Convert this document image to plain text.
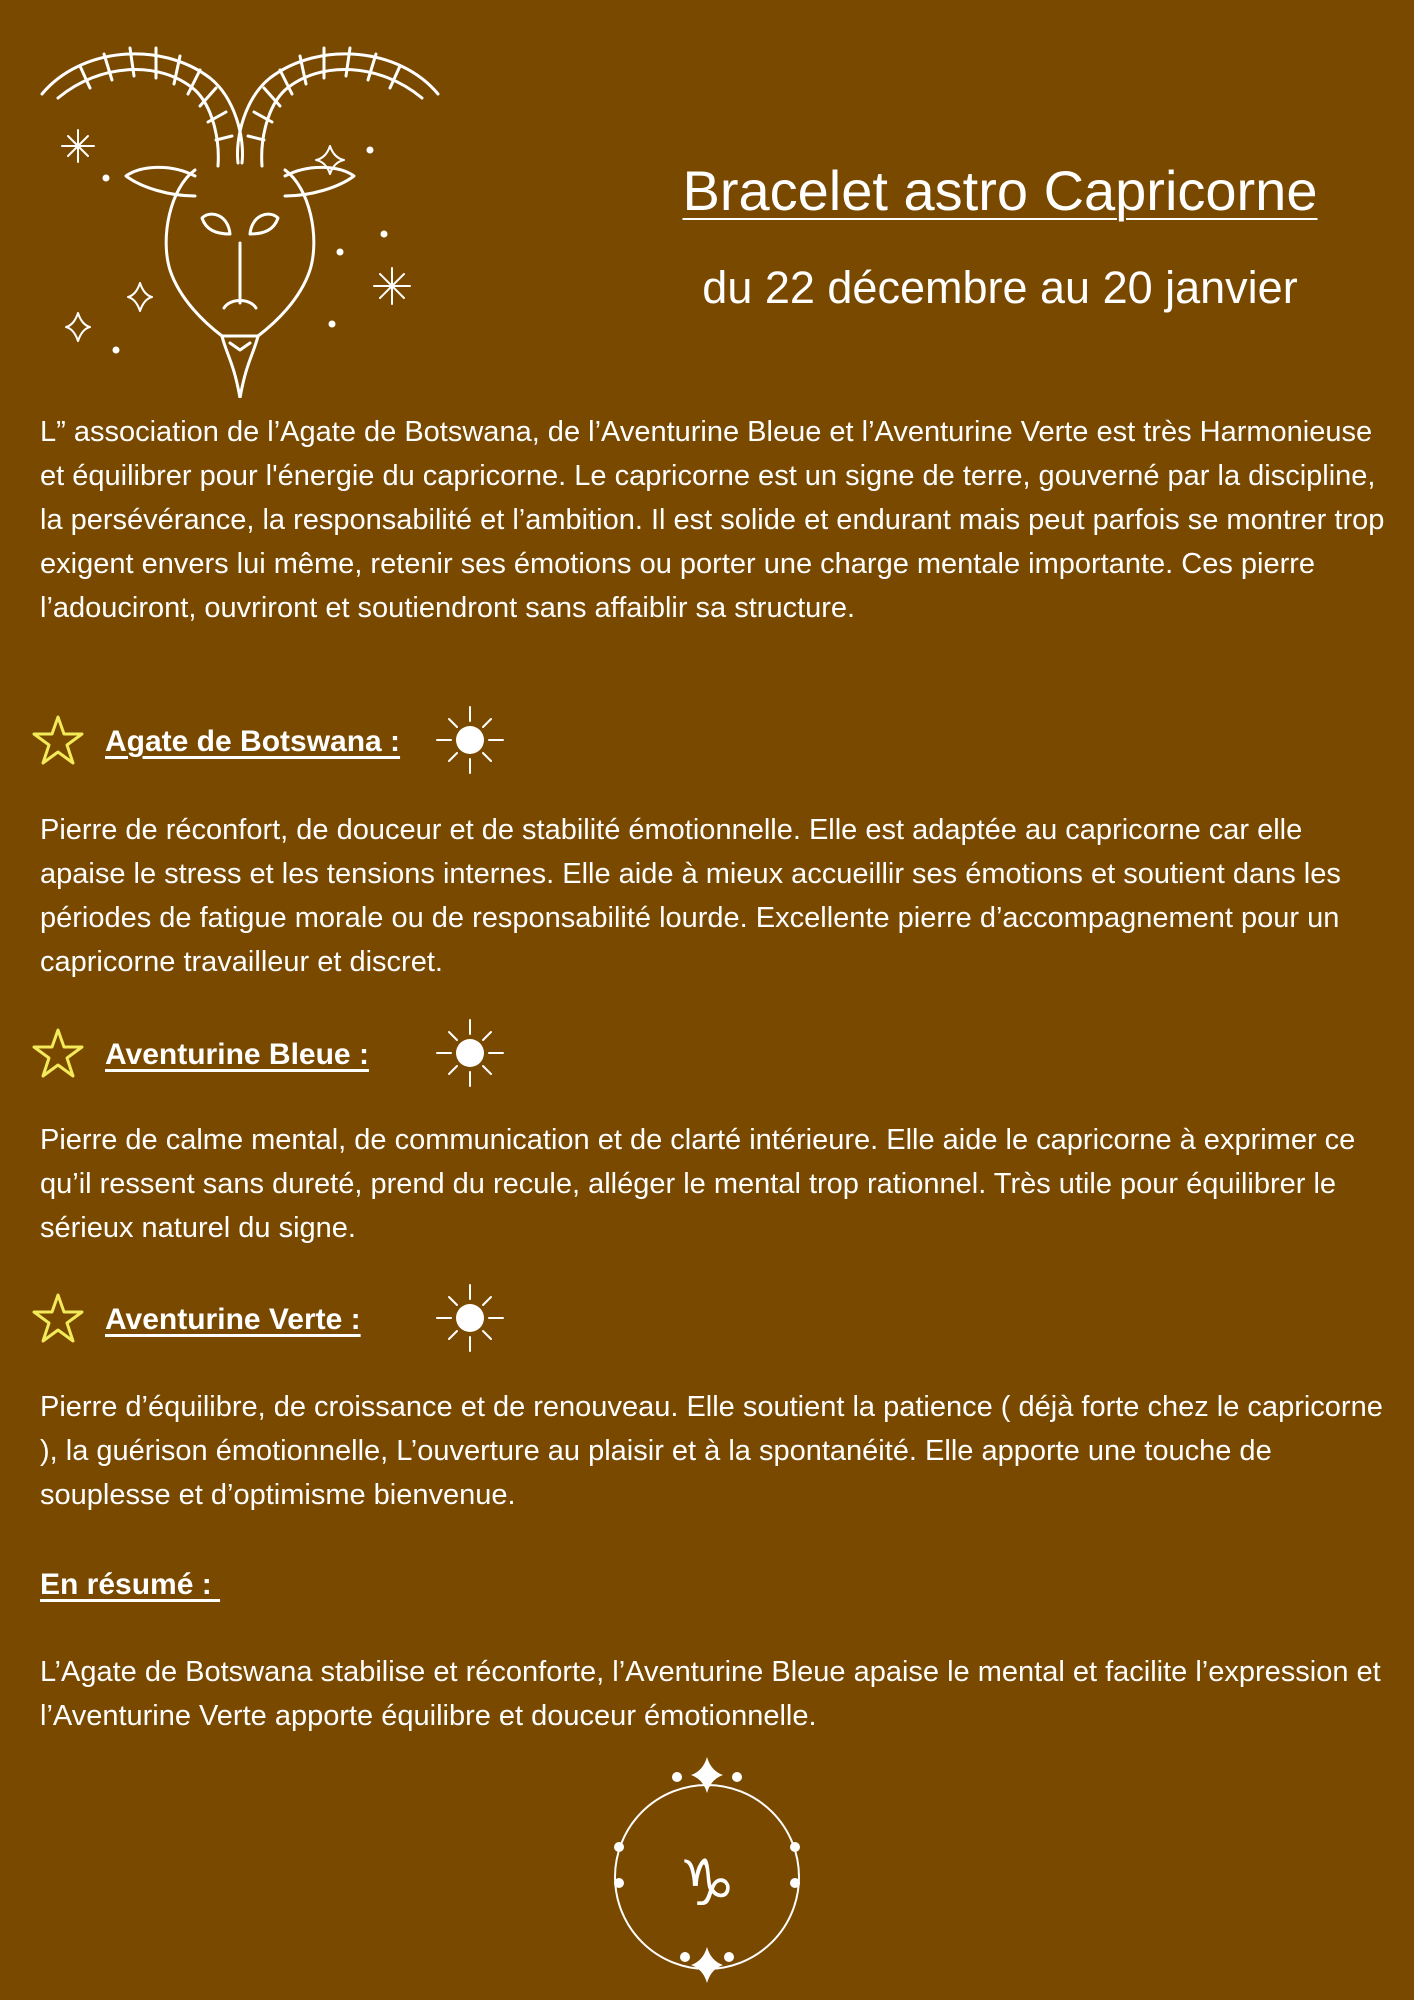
Bracelet astro Capricorne

du 22 décembre au 20 janvier

L” association de l’Agate de Botswana, de l’Aventurine Bleue et l’Aventurine Verte est très Harmonieuse et équilibrer pour l'énergie du capricorne. Le capricorne est un signe de terre, gouverné par la discipline, la persévérance, la responsabilité et l’ambition. Il est solide et endurant mais peut parfois se montrer trop exigent envers lui même, retenir ses émotions ou porter une charge mentale importante. Ces pierre l’adouciront, ouvriront et soutiendront sans affaiblir sa structure.

Agate de Botswana :

Pierre de réconfort, de douceur et de stabilité émotionnelle. Elle est adaptée au capricorne car elle apaise le stress et les tensions internes. Elle aide à mieux accueillir ses émotions et soutient dans les périodes de fatigue morale ou de responsabilité lourde. Excellente pierre d’accompagnement pour un capricorne travailleur et discret.

Aventurine Bleue :

Pierre de calme mental, de communication et de clarté intérieure. Elle aide le capricorne à exprimer ce qu’il ressent sans dureté, prend du recule, alléger le mental trop rationnel. Très utile pour équilibrer le sérieux naturel du signe.

Aventurine Verte :

Pierre d’équilibre, de croissance et de renouveau. Elle soutient la patience ( déjà forte chez le capricorne ), la guérison émotionnelle, L’ouverture au plaisir et à la spontanéité. Elle apporte une touche de souplesse et d’optimisme bienvenue.

En résumé :

L’Agate de Botswana stabilise et réconforte, l’Aventurine Bleue apaise le mental et facilite l’expression et l’Aventurine Verte apporte équilibre et douceur émotionnelle.

♑
